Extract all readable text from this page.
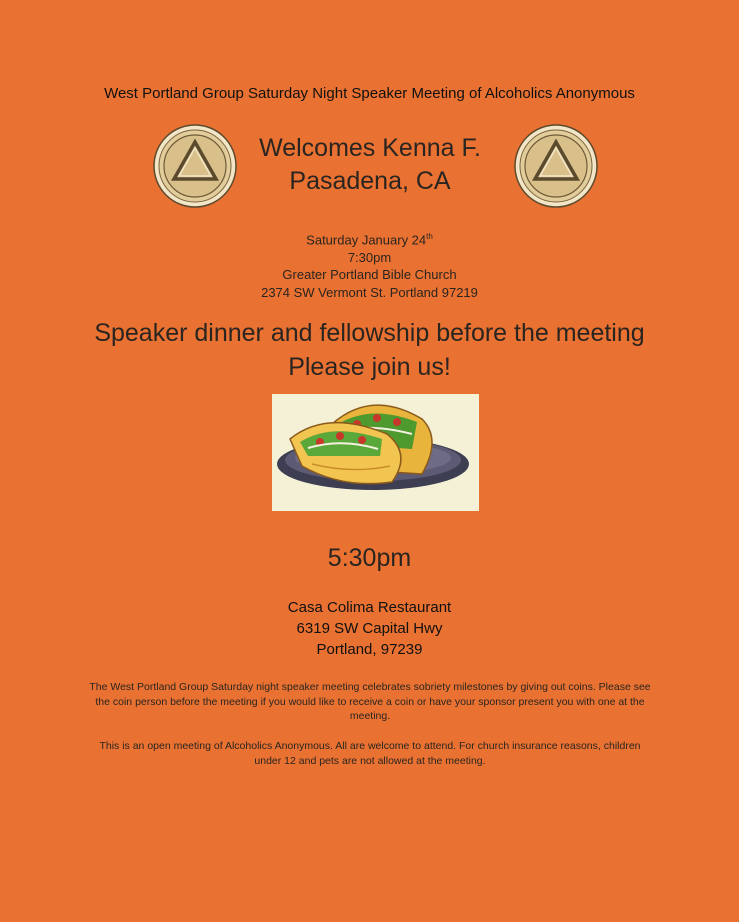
West Portland Group Saturday Night Speaker Meeting of Alcoholics Anonymous
Welcomes Kenna F.
Pasadena, CA
Saturday January 24th
7:30pm
Greater Portland Bible Church
2374 SW Vermont St. Portland 97219
Speaker dinner and fellowship before the meeting
Please join us!
5:30pm
Casa Colima Restaurant
6319 SW Capital Hwy
Portland, 97239
The West Portland Group Saturday night speaker meeting celebrates sobriety milestones by giving out coins. Please see the coin person before the meeting if you would like to receive a coin or have your sponsor present you with one at the meeting.
This is an open meeting of Alcoholics Anonymous. All are welcome to attend. For church insurance reasons, children under 12 and pets are not allowed at the meeting.
